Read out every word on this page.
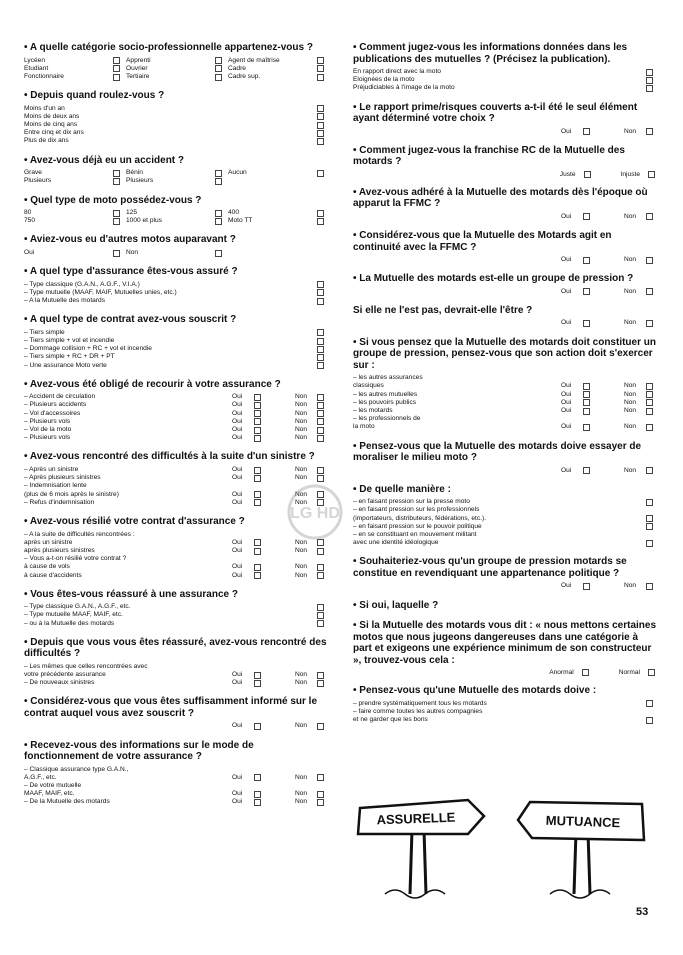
• A quelle catégorie socio-professionnelle appartenez-vous ?
Lycéen	Apprenti	Agent de maîtrise
Etudiant	Ouvrier	Cadre
Fonctionnaire	Tertiaire	Cadre sup.
• Depuis quand roulez-vous ?
Moins d'un an
Moins de deux ans
Moins de cinq ans
Entre cinq et dix ans
Plus de dix ans
• Avez-vous déjà eu un accident ?
Grave	Bénin	Aucun
Plusieurs	Plusieurs
• Quel type de moto possédez-vous ?
80	125	400
750	1000 et plus	Moto TT
• Aviez-vous eu d'autres motos auparavant ?
Oui	Non
• A quel type d'assurance êtes-vous assuré ?
– Type classique (G.A.N., A.G.F., V.I.A.)
– Type mutuelle (MAAF, MAIF, Mutuelles unies, etc.)
– A la Mutuelle des motards
• A quel type de contrat avez-vous souscrit ?
– Tiers simple
– Tiers simple + vol et incendie
– Dommage collision + RC + vol et incendie
– Tiers simple + RC + DR + PT
– Une assurance Moto verte
• Avez-vous été obligé de recourir à votre assurance ?
– Accident de circulation	Oui	Non
– Plusieurs accidents	Oui	Non
– Vol d'accessoires	Oui	Non
– Plusieurs vols	Oui	Non
– Vol de la moto	Oui	Non
– Plusieurs vols	Oui	Non
• Avez-vous rencontré des difficultés à la suite d'un sinistre ?
– Après un sinistre	Oui	Non
– Après plusieurs sinistres	Oui	Non
– Indemnisation lente
(plus de 6 mois après le sinistre)	Oui	Non
– Refus d'indemnisation	Oui	Non
• Avez-vous résilié votre contrat d'assurance ?
– A la suite de difficultés rencontrées :
après un sinistre	Oui	Non
après plusieurs sinistres	Oui	Non
– Vous a-t-on résilié votre contrat ?
à cause de vols	Oui	Non
à cause d'accidents	Oui	Non
• Vous êtes-vous réassuré à une assurance ?
– Type classique G.A.N., A.G.F., etc.
– Type mutuelle MAAF, MAIF, etc.
– ou à la Mutuelle des motards
• Depuis que vous vous êtes réassuré, avez-vous rencontré des difficultés ?
– Les mêmes que celles rencontrées avec
votre précédente assurance	Oui	Non
– De nouveaux sinistres	Oui	Non
• Considérez-vous que vous êtes suffisamment informé sur le contrat auquel vous avez souscrit ?
Oui	Non
• Recevez-vous des informations sur le mode de fonctionnement de votre assurance ?
– Classique assurance type G.A.N.,
A.G.F., etc.	Oui	Non
– De votre mutuelle
MAAF, MAIF, etc.	Oui	Non
– De la Mutuelle des motards	Oui	Non
• Comment jugez-vous les informations données dans les publications des mutuelles ? (Précisez la publication).
En rapport direct avec la moto
Eloignées de la moto
Préjudiciables à l'image de la moto
• Le rapport prime/risques couverts a-t-il été le seul élément ayant déterminé votre choix ?
Oui	Non
• Comment jugez-vous la franchise RC de la Mutuelle des motards ?
Juste	Injuste
• Avez-vous adhéré à la Mutuelle des motards dès l'époque où apparut la FFMC ?
Oui	Non
• Considérez-vous que la Mutuelle des Motards agit en continuité avec la FFMC ?
Oui	Non
• La Mutuelle des motards est-elle un groupe de pression ?
Oui	Non
Si elle ne l'est pas, devrait-elle l'être ?
Oui	Non
• Si vous pensez que la Mutuelle des motards doit constituer un groupe de pression, pensez-vous que son action doit s'exercer sur :
– les autres assurances
classiques	Oui	Non
– les autres mutuelles	Oui	Non
– les pouvoirs publics	Oui	Non
– les motards	Oui	Non
– les professionnels de
la moto	Oui	Non
• Pensez-vous que la Mutuelle des motards doive essayer de moraliser le milieu moto ?
Oui	Non
• De quelle manière :
– en faisant pression sur la presse moto
– en faisant pression sur les professionnels
(importateurs, distributeurs, fédérations, etc.).
– en faisant pression sur le pouvoir politique
– en se constituant en mouvement militant
avec une identité idéologique
• Souhaiteriez-vous qu'un groupe de pression motards se constitue en revendiquant une appartenance politique ?
Oui	Non
• Si oui, laquelle ?
• Si la Mutuelle des motards vous dit : « nous mettons certaines motos que nous jugeons dangereuses dans une catégorie à part et exigeons une expérience minimum de son constructeur », trouvez-vous cela :
Anormal	Normal
• Pensez-vous qu'une Mutuelle des motards doive :
– prendre systématiquement tous les motards
– faire comme toutes les autres compagnies
et ne garder que les bons
LG HD
ASSURELLE	MUTUANCE
53
